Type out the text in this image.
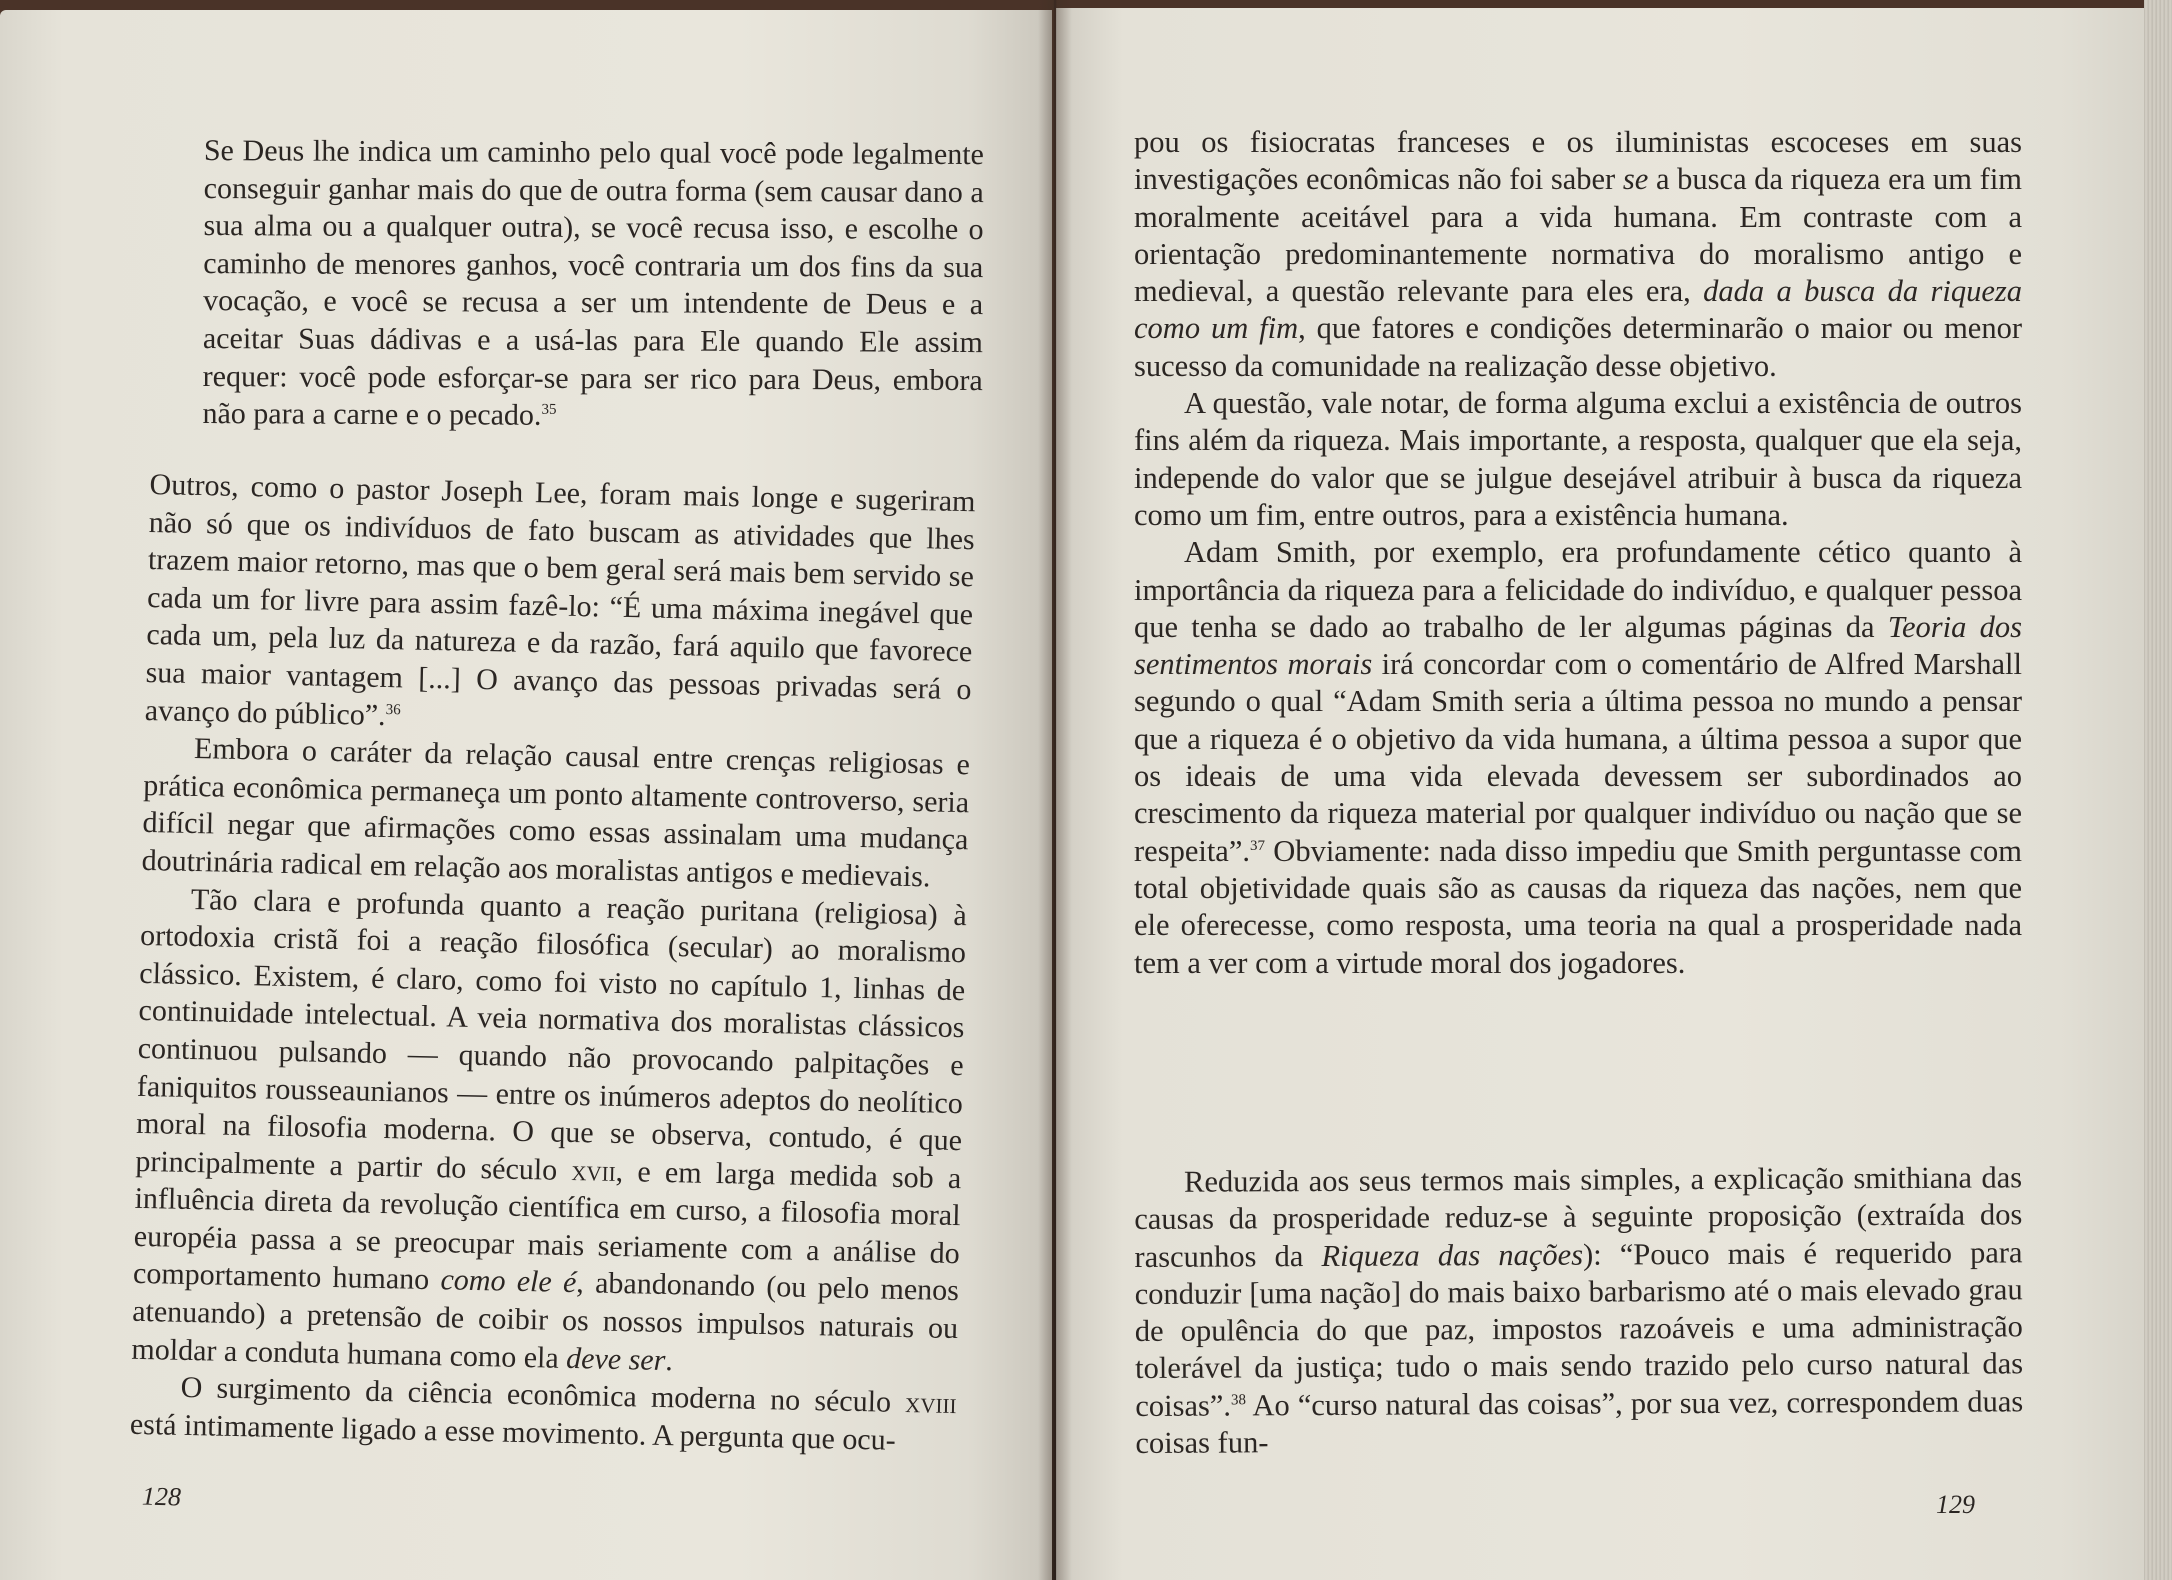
Se Deus lhe indica um caminho pelo qual você pode legalmente conseguir ganhar mais do que de outra forma (sem causar dano a sua alma ou a qualquer outra), se você recusa isso, e escolhe o caminho de menores ganhos, você contraria um dos fins da sua vocação, e você se recusa a ser um intendente de Deus e a aceitar Suas dádivas e a usá-las para Ele quando Ele assim requer: você pode esforçar-se para ser rico para Deus, embora não para a carne e o pecado.$^{35}$

Outros, como o pastor Joseph Lee, foram mais longe e sugeriram não só que os indivíduos de fato buscam as atividades que lhes trazem maior retorno, mas que o bem geral será mais bem servido se cada um for livre para assim fazê-lo: “É uma máxima inegável que cada um, pela luz da natureza e da razão, fará aquilo que favorece sua maior vantagem [...] O avanço das pessoas privadas será o avanço do público”.$^{36}$

Embora o caráter da relação causal entre crenças religiosas e prática econômica permaneça um ponto altamente controverso, seria difícil negar que afirmações como essas assinalam uma mudança doutrinária radical em relação aos moralistas antigos e medievais.

Tão clara e profunda quanto a reação puritana (religiosa) à ortodoxia cristã foi a reação filosófica (secular) ao moralismo clássico. Existem, é claro, como foi visto no capítulo 1, linhas de continuidade intelectual. A veia normativa dos moralistas clássicos continuou pulsando — quando não provocando palpitações e faniquitos rousseaunianos — entre os inúmeros adeptos do neolítico moral na filosofia moderna. O que se observa, contudo, é que principalmente a partir do século xvii, e em larga medida sob a influência direta da revolução científica em curso, a filosofia moral européia passa a se preocupar mais seriamente com a análise do comportamento humano como ele é, abandonando (ou pelo menos atenuando) a pretensão de coibir os nossos impulsos naturais ou moldar a conduta humana como ela deve ser.

O surgimento da ciência econômica moderna no século xviii está intimamente ligado a esse movimento. A pergunta que ocu-

128

pou os fisiocratas franceses e os iluministas escoceses em suas investigações econômicas não foi saber se a busca da riqueza era um fim moralmente aceitável para a vida humana. Em contraste com a orientação predominantemente normativa do moralismo antigo e medieval, a questão relevante para eles era, dada a busca da riqueza como um fim, que fatores e condições determinarão o maior ou menor sucesso da comunidade na realização desse objetivo.

A questão, vale notar, de forma alguma exclui a existência de outros fins além da riqueza. Mais importante, a resposta, qualquer que ela seja, independe do valor que se julgue desejável atribuir à busca da riqueza como um fim, entre outros, para a existência humana.

Adam Smith, por exemplo, era profundamente cético quanto à importância da riqueza para a felicidade do indivíduo, e qualquer pessoa que tenha se dado ao trabalho de ler algumas páginas da Teoria dos sentimentos morais irá concordar com o comentário de Alfred Marshall segundo o qual “Adam Smith seria a última pessoa no mundo a pensar que a riqueza é o objetivo da vida humana, a última pessoa a supor que os ideais de uma vida elevada devessem ser subordinados ao crescimento da riqueza material por qualquer indivíduo ou nação que se respeita”.$^{37}$ Obviamente: nada disso impediu que Smith perguntasse com total objetividade quais são as causas da riqueza das nações, nem que ele oferecesse, como resposta, uma teoria na qual a prosperidade nada tem a ver com a virtude moral dos jogadores.

Reduzida aos seus termos mais simples, a explicação smithiana das causas da prosperidade reduz-se à seguinte proposição (extraída dos rascunhos da Riqueza das nações): “Pouco mais é requerido para conduzir [uma nação] do mais baixo barbarismo até o mais elevado grau de opulência do que paz, impostos razoáveis e uma administração tolerável da justiça; tudo o mais sendo trazido pelo curso natural das coisas”.$^{38}$ Ao “curso natural das coisas”, por sua vez, correspondem duas coisas fun-

129
